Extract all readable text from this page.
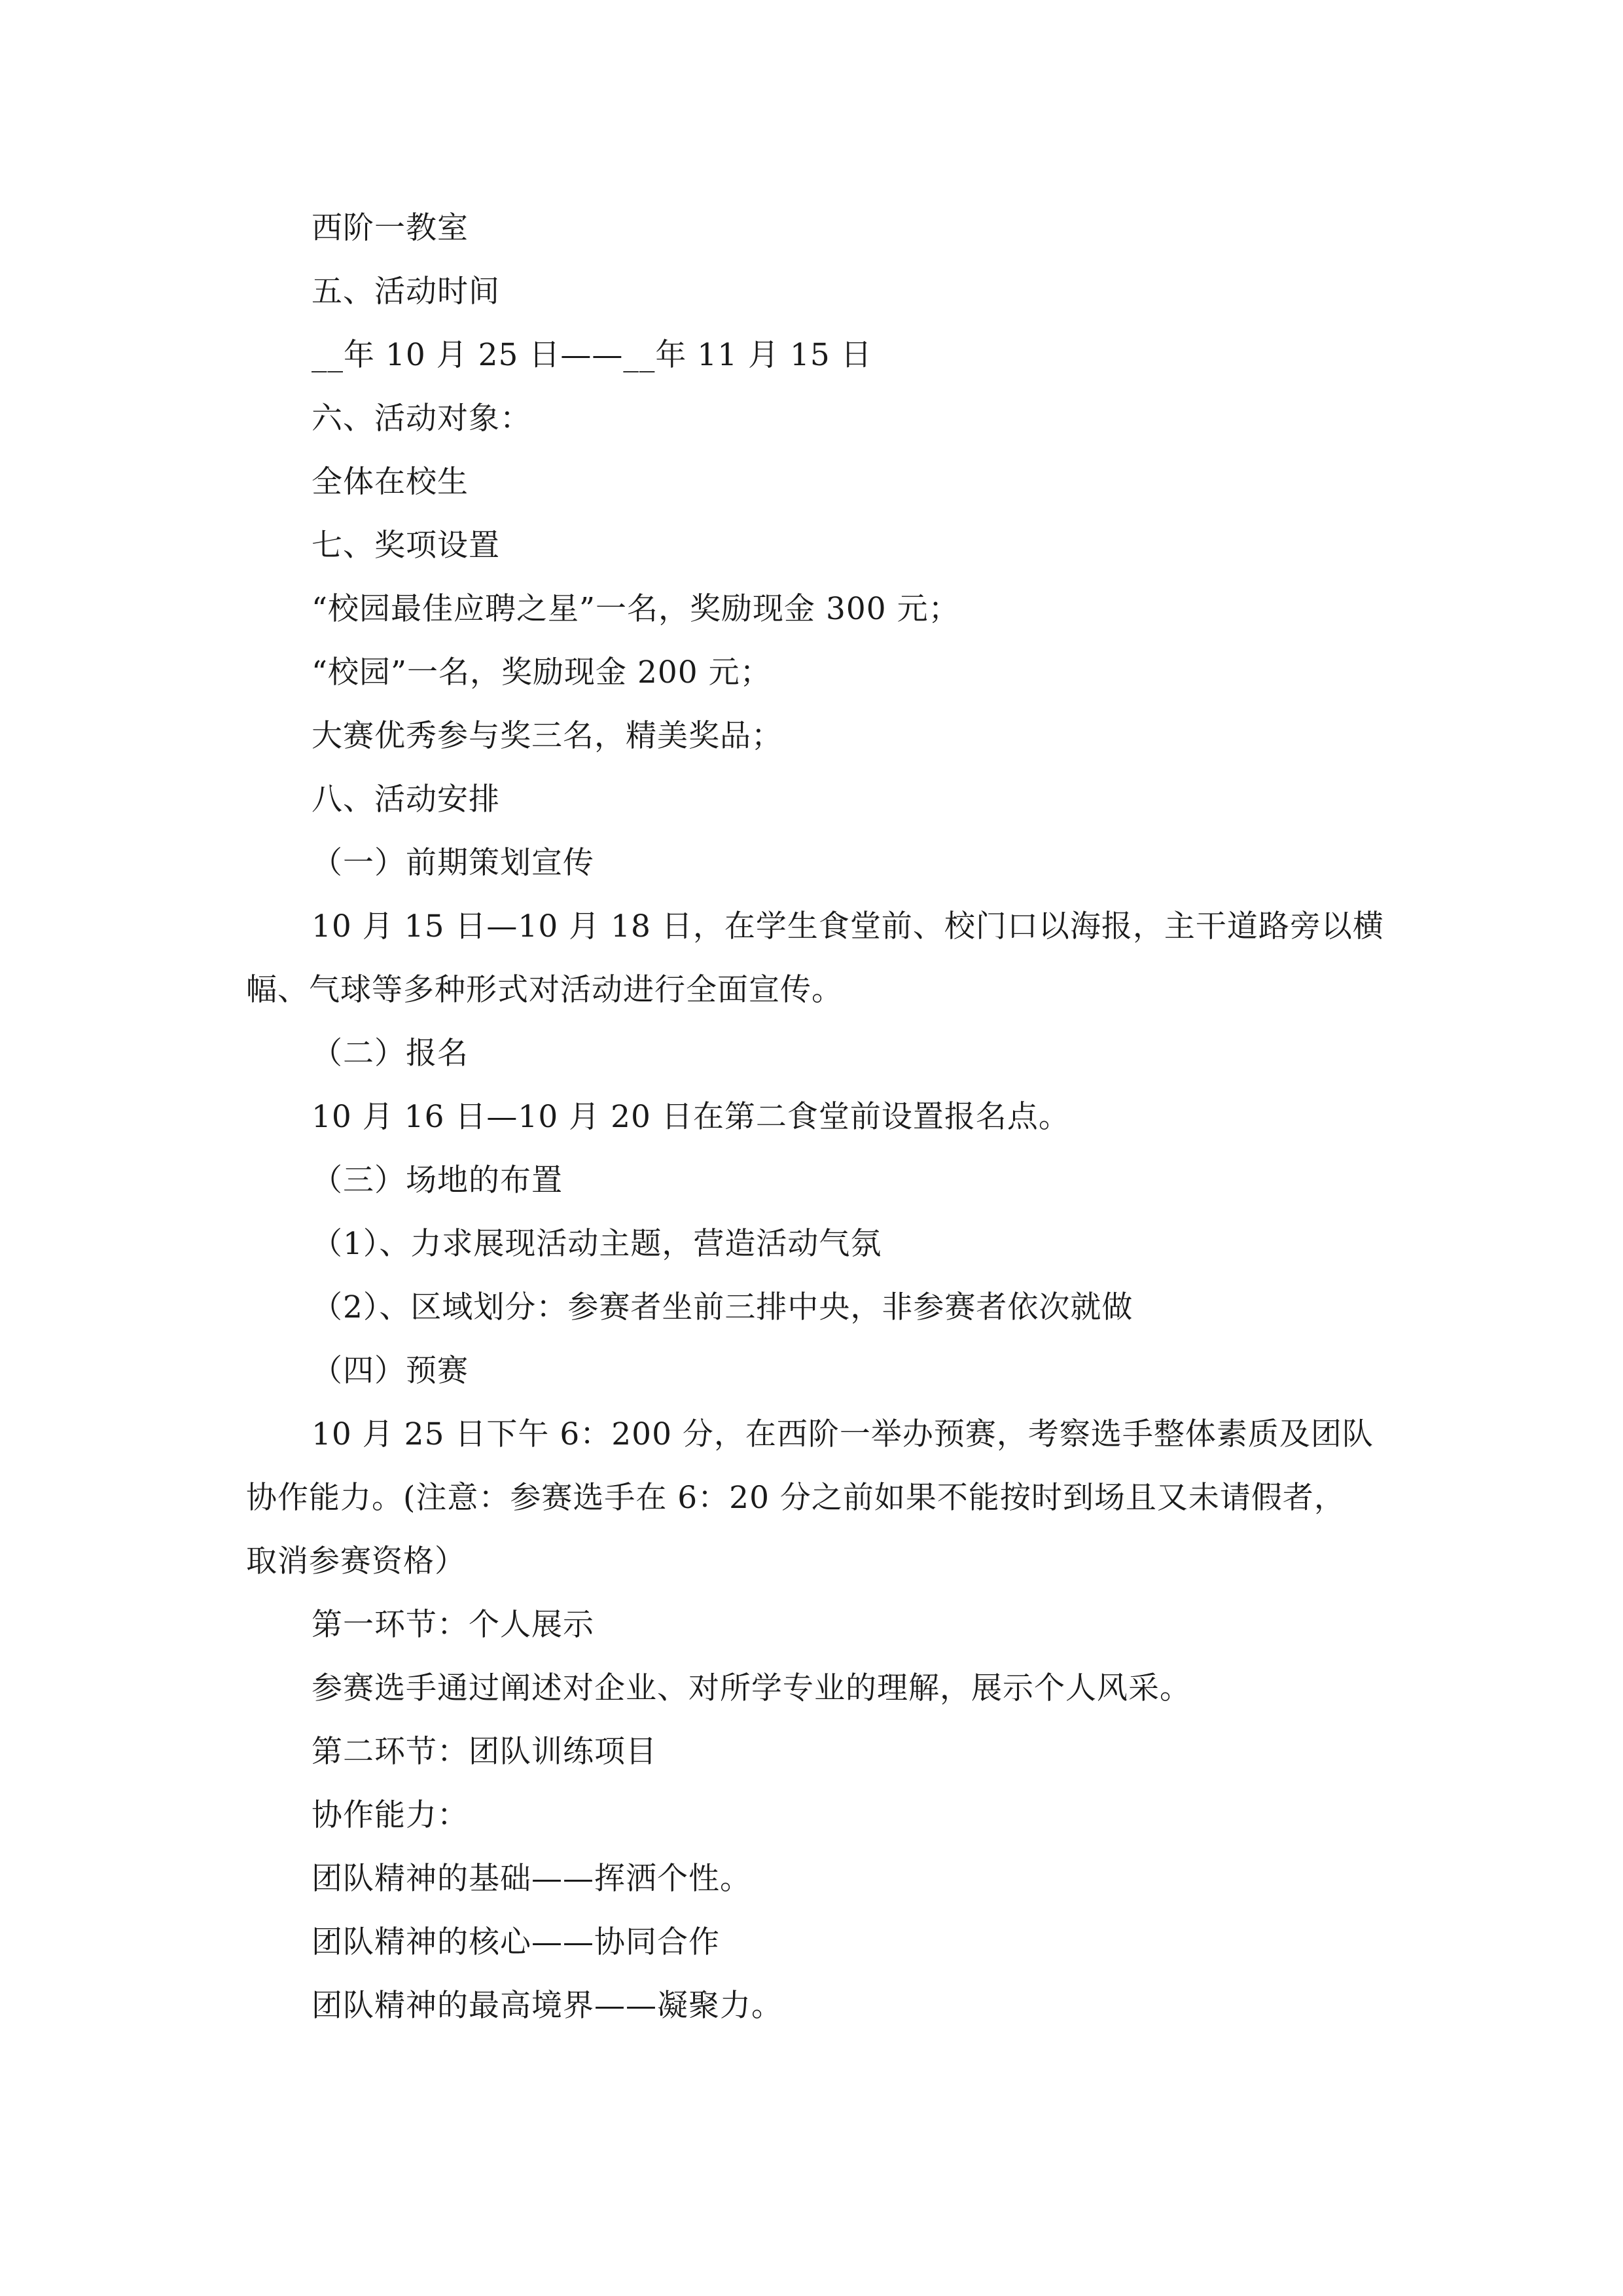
西阶一教室
五、活动时间
__年 10 月 25 日——__年 11 月 15 日
六、活动对象：
全体在校生
七、奖项设置
“校园最佳应聘之星”一名，奖励现金 300 元；
“校园”一名，奖励现金 200 元；
大赛优秀参与奖三名，精美奖品；
八、活动安排
（一）前期策划宣传
10 月 15 日—10 月 18 日，在学生食堂前、校门口以海报，主干道路旁以横
幅、气球等多种形式对活动进行全面宣传。
（二）报名
10 月 16 日—10 月 20 日在第二食堂前设置报名点。
（三）场地的布置
（1）、力求展现活动主题，营造活动气氛
（2）、区域划分：参赛者坐前三排中央，非参赛者依次就做
（四）预赛
10 月 25 日下午 6：200 分，在西阶一举办预赛，考察选手整体素质及团队
协作能力。(注意：参赛选手在 6：20 分之前如果不能按时到场且又未请假者，
取消参赛资格）
第一环节：个人展示
参赛选手通过阐述对企业、对所学专业的理解，展示个人风采。
第二环节：团队训练项目
协作能力：
团队精神的基础——挥洒个性。
团队精神的核心——协同合作
团队精神的最高境界——凝聚力。
